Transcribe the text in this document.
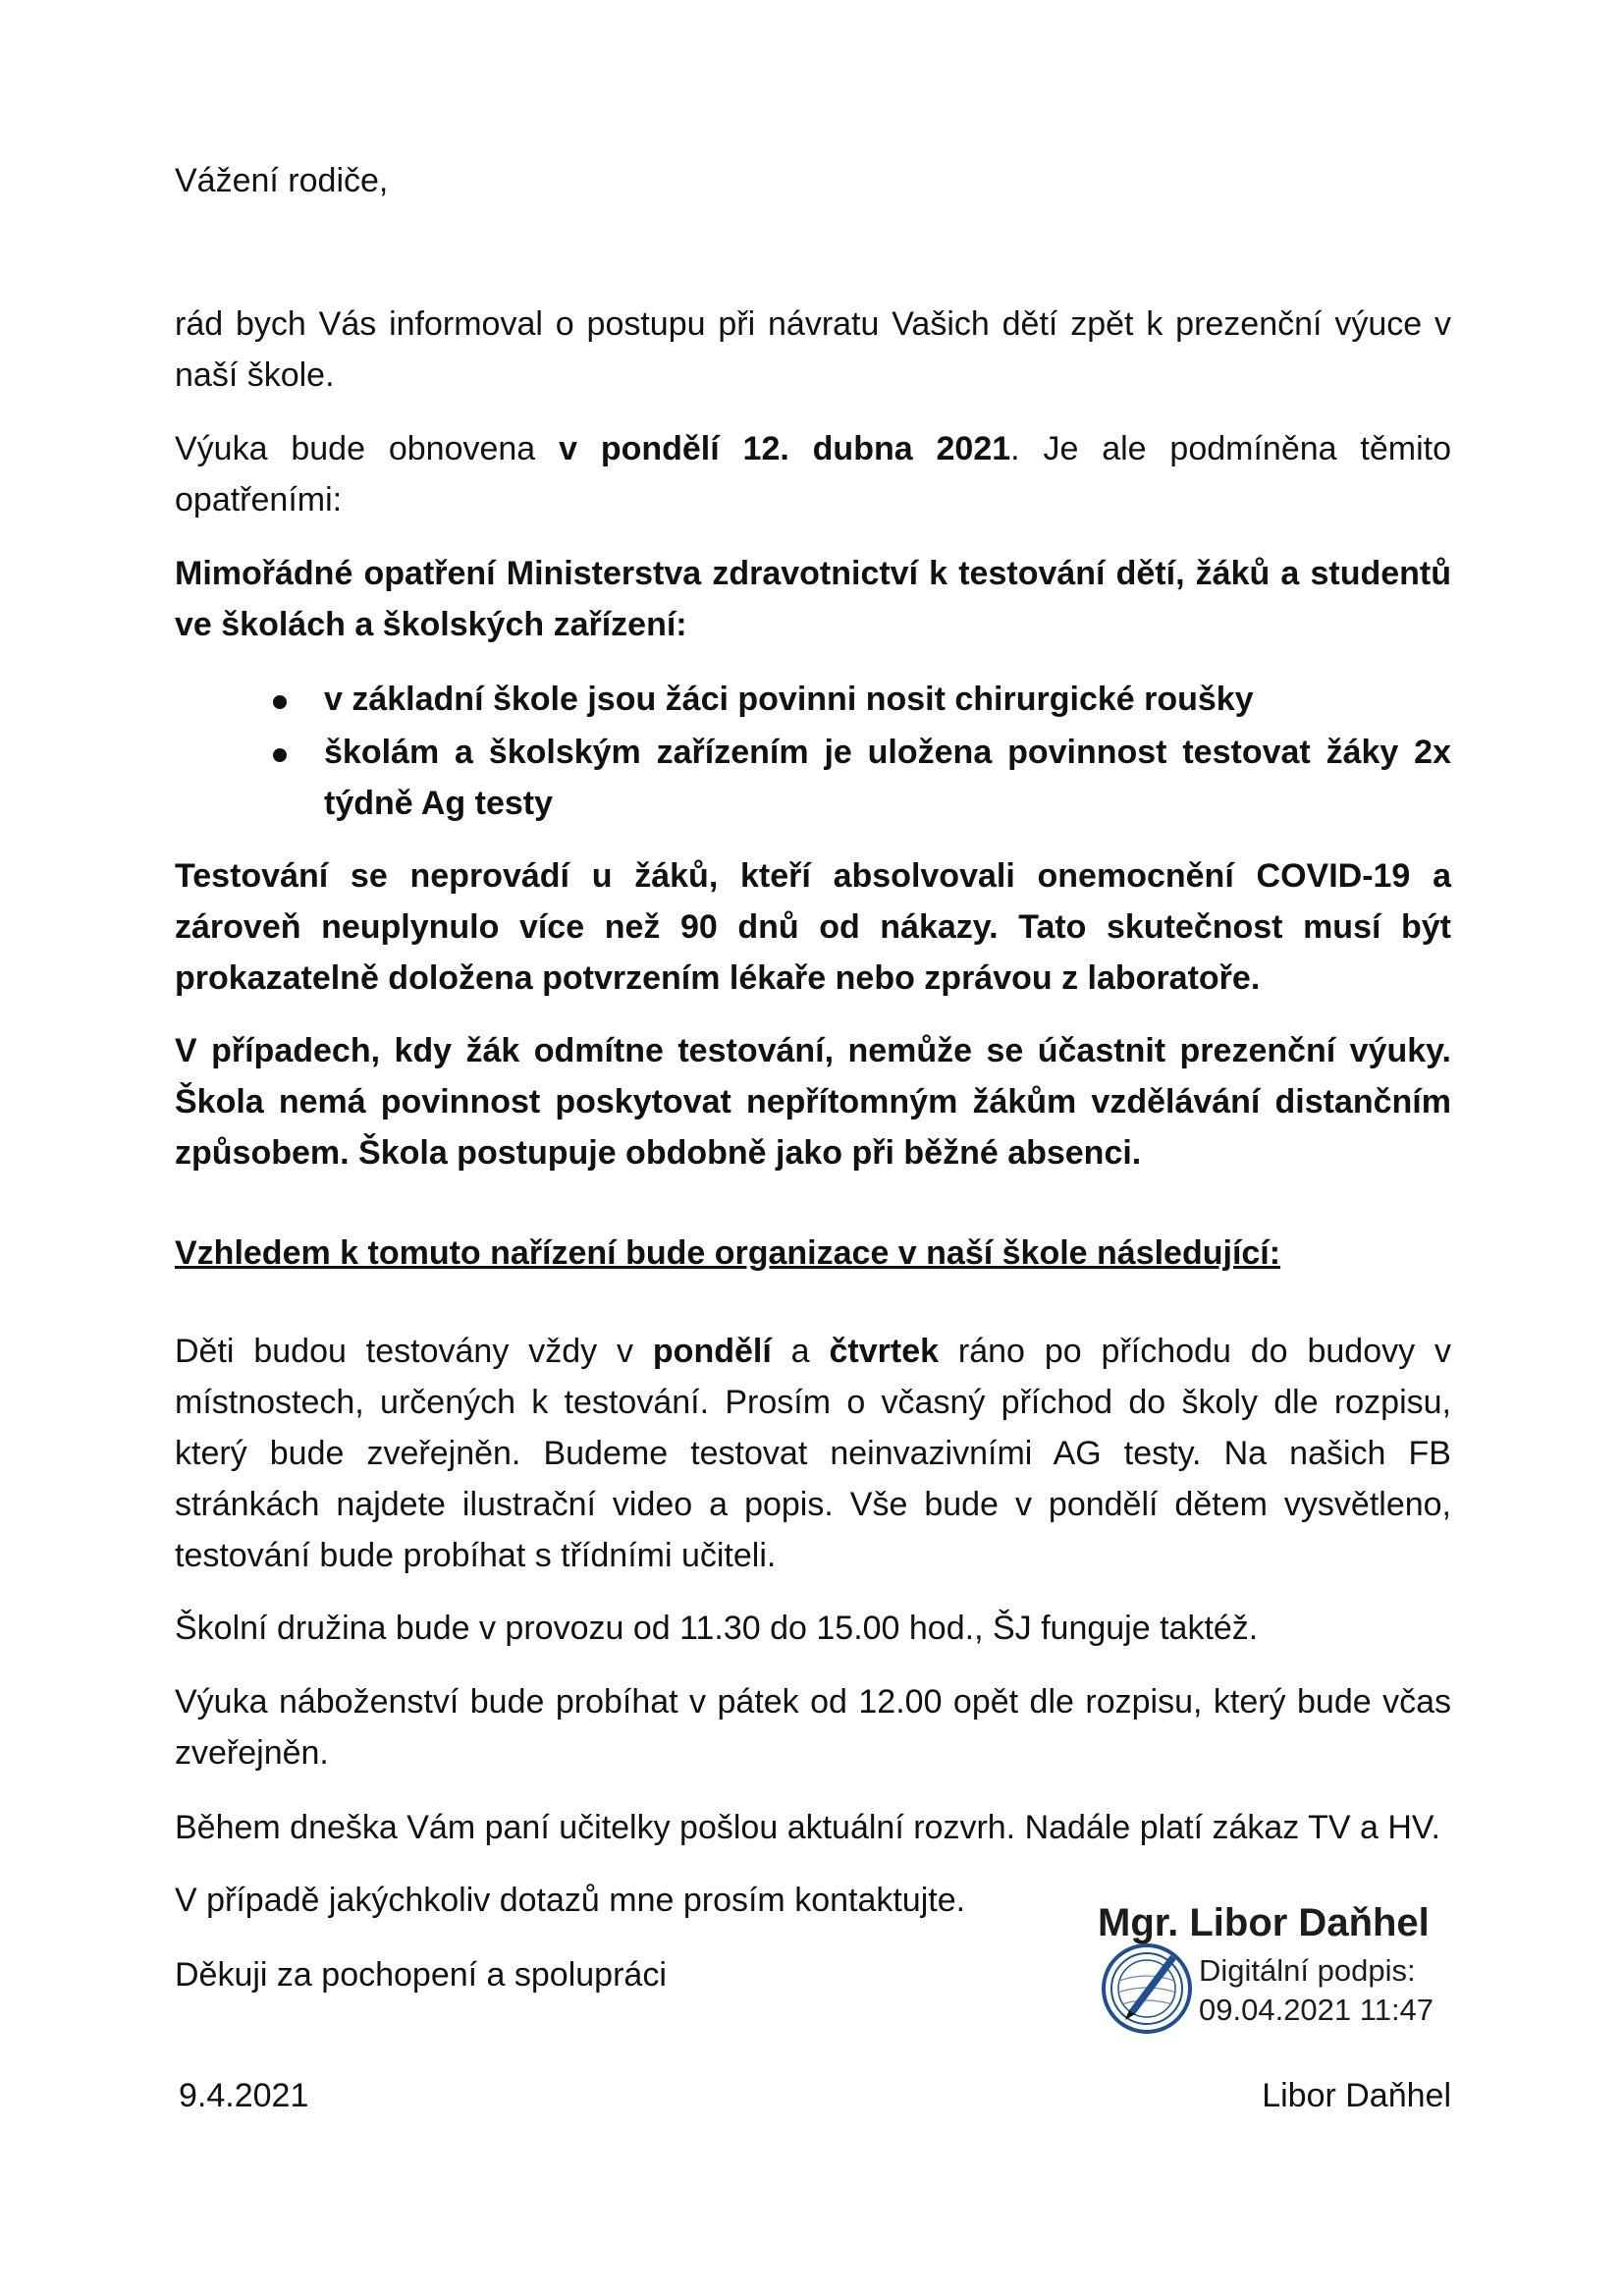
Vážení rodiče,

rád bych Vás informoval o postupu při návratu Vašich dětí zpět k prezenční výuce v naší škole.

Výuka bude obnovena v pondělí 12. dubna 2021. Je ale podmíněna těmito opatřeními:

Mimořádné opatření Ministerstva zdravotnictví k testování dětí, žáků a studentů ve školách a školských zařízení:

v základní škole jsou žáci povinni nosit chirurgické roušky
školám a školským zařízením je uložena povinnost testovat žáky 2x týdně Ag testy

Testování se neprovádí u žáků, kteří absolvovali onemocnění COVID-19 a zároveň neuplynulo více než 90 dnů od nákazy. Tato skutečnost musí být prokazatelně doložena potvrzením lékaře nebo zprávou z laboratoře.

V případech, kdy žák odmítne testování, nemůže se účastnit prezenční výuky. Škola nemá povinnost poskytovat nepřítomným žákům vzdělávání distančním způsobem. Škola postupuje obdobně jako při běžné absenci.

Vzhledem k tomuto nařízení bude organizace v naší škole následující:

Děti budou testovány vždy v pondělí a čtvrtek ráno po příchodu do budovy v místnostech, určených k testování. Prosím o včasný příchod do školy dle rozpisu, který bude zveřejněn. Budeme testovat neinvazivními AG testy. Na našich FB stránkách najdete ilustrační video a popis. Vše bude v pondělí dětem vysvětleno, testování bude probíhat s třídními učiteli.

Školní družina bude v provozu od 11.30 do 15.00 hod., ŠJ funguje taktéž.

Výuka náboženství bude probíhat v pátek od 12.00 opět dle rozpisu, který bude včas zveřejněn.

Během dneška Vám paní učitelky pošlou aktuální rozvrh. Nadále platí zákaz TV a HV.

V případě jakýchkoliv dotazů mne prosím kontaktujte.

Děkuji za pochopení a spolupráci

Mgr. Libor Daňhel
Digitální podpis:
09.04.2021 11:47
9.4.2021	Libor Daňhel
